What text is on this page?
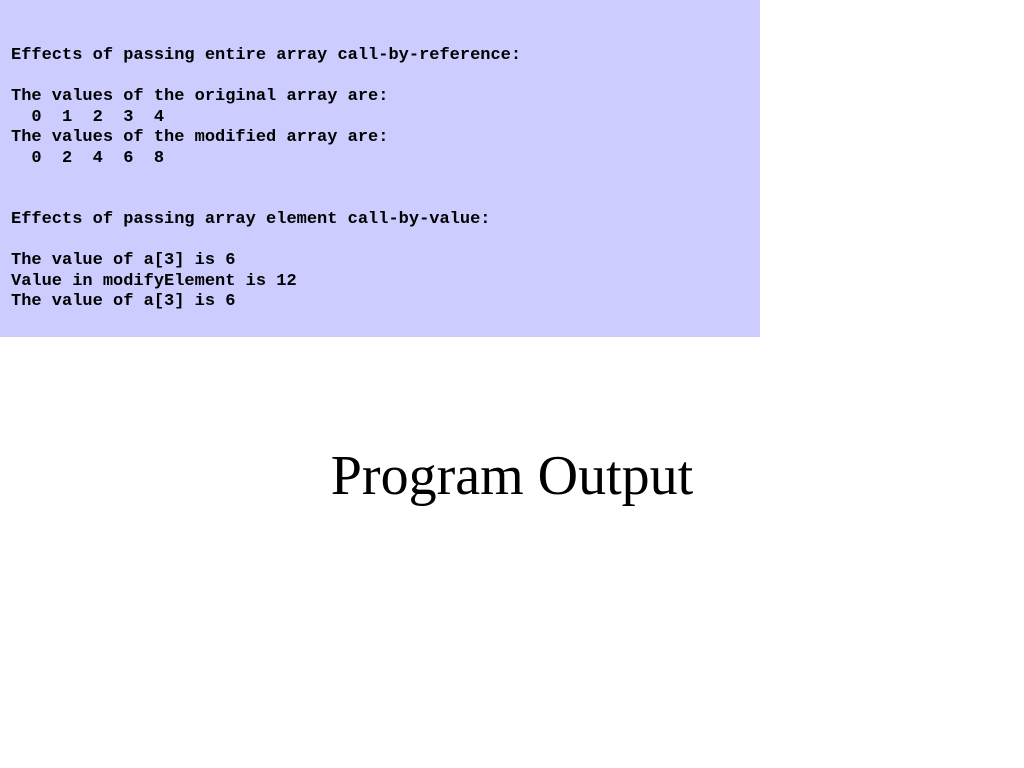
Effects of passing entire array call-by-reference:
The values of the original array are:
0  1  2  3  4
The values of the modified array are:
0  2  4  6  8
Effects of passing array element call-by-value:
The value of a[3] is 6
Value in modifyElement is 12
The value of a[3] is 6
Program Output
